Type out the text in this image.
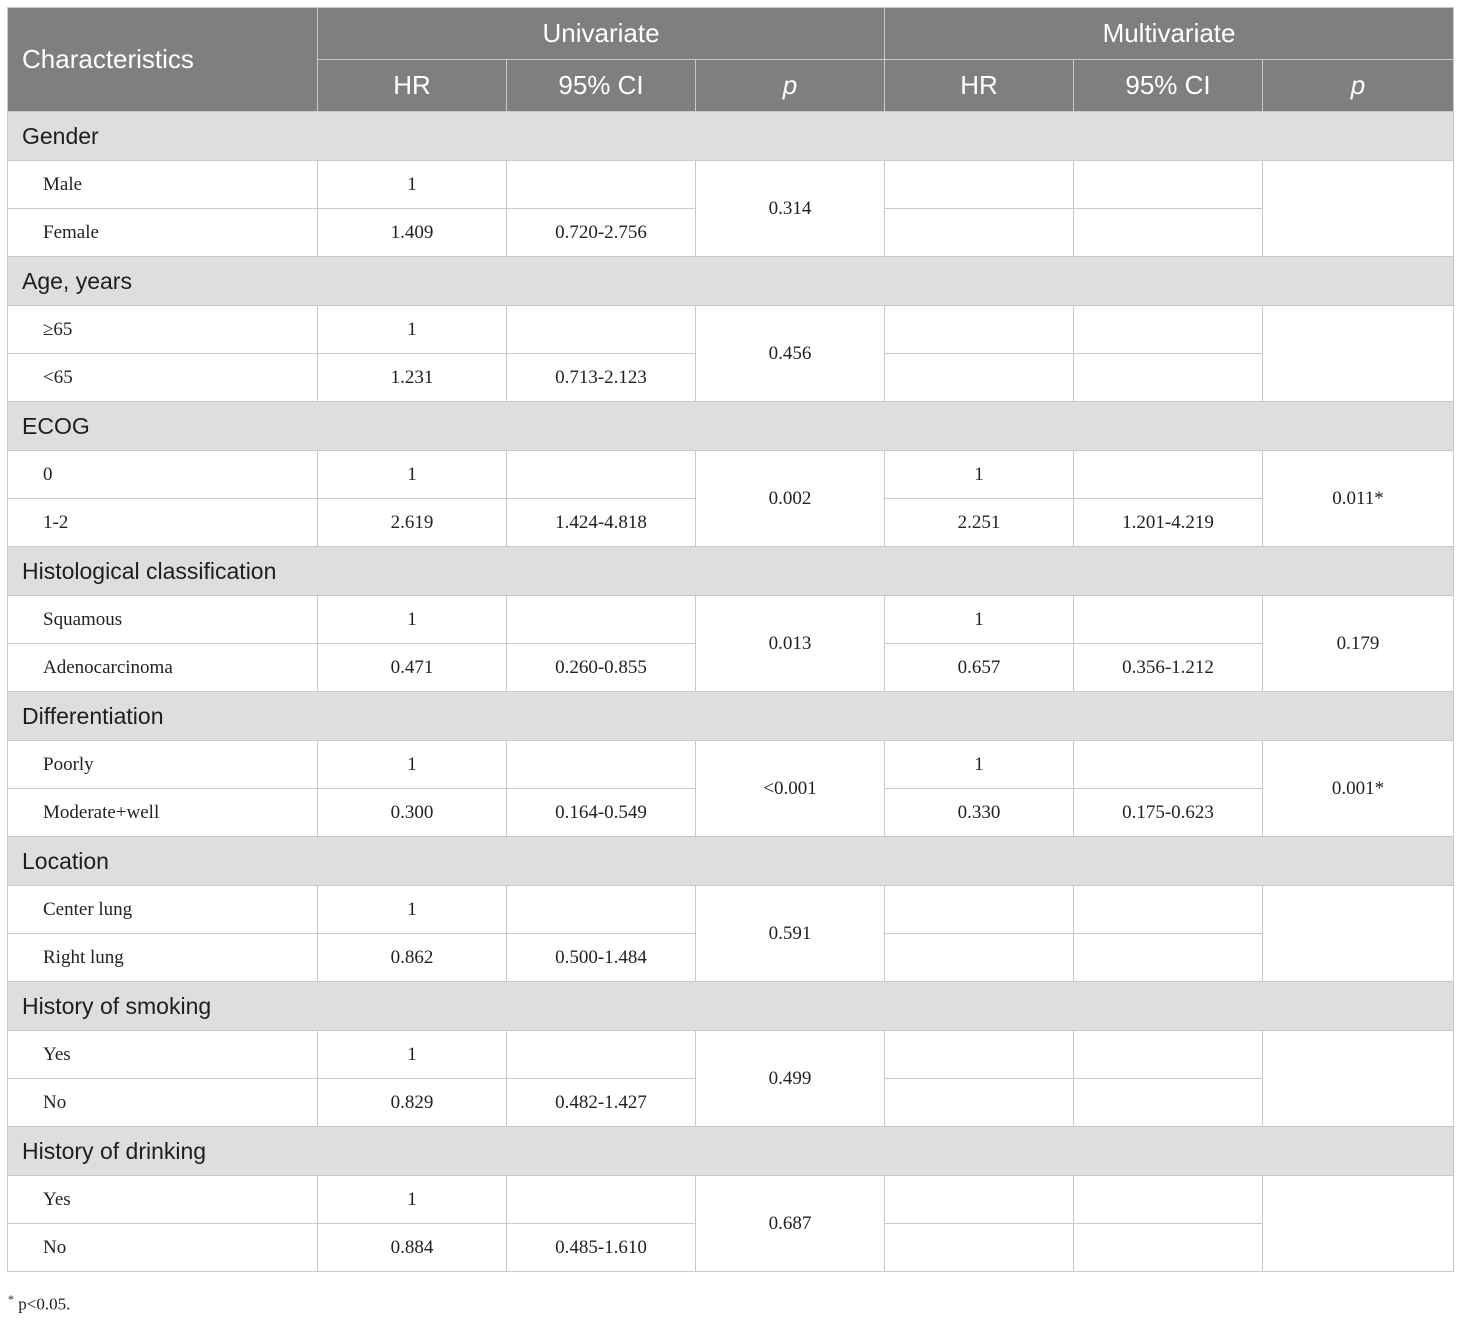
Characteristics	Univariate			Multivariate		
	HR	95% CI	p	HR	95% CI	p
Gender						
Male	1		0.314			
Female	1.409	0.720-2.756				
Age, years						
≥65	1		0.456			
<65	1.231	0.713-2.123				
ECOG						
0	1		0.002	1		0.011*
1-2	2.619	1.424-4.818		2.251	1.201-4.219	
Histological classification						
Squamous	1		0.013	1		0.179
Adenocarcinoma	0.471	0.260-0.855		0.657	0.356-1.212	
Differentiation						
Poorly	1		<0.001	1		0.001*
Moderate+well	0.300	0.164-0.549		0.330	0.175-0.623	
Location						
Center lung	1		0.591			
Right lung	0.862	0.500-1.484				
History of smoking						
Yes	1		0.499			
No	0.829	0.482-1.427				
History of drinking						
Yes	1		0.687			
No	0.884	0.485-1.610				
* p<0.05.
